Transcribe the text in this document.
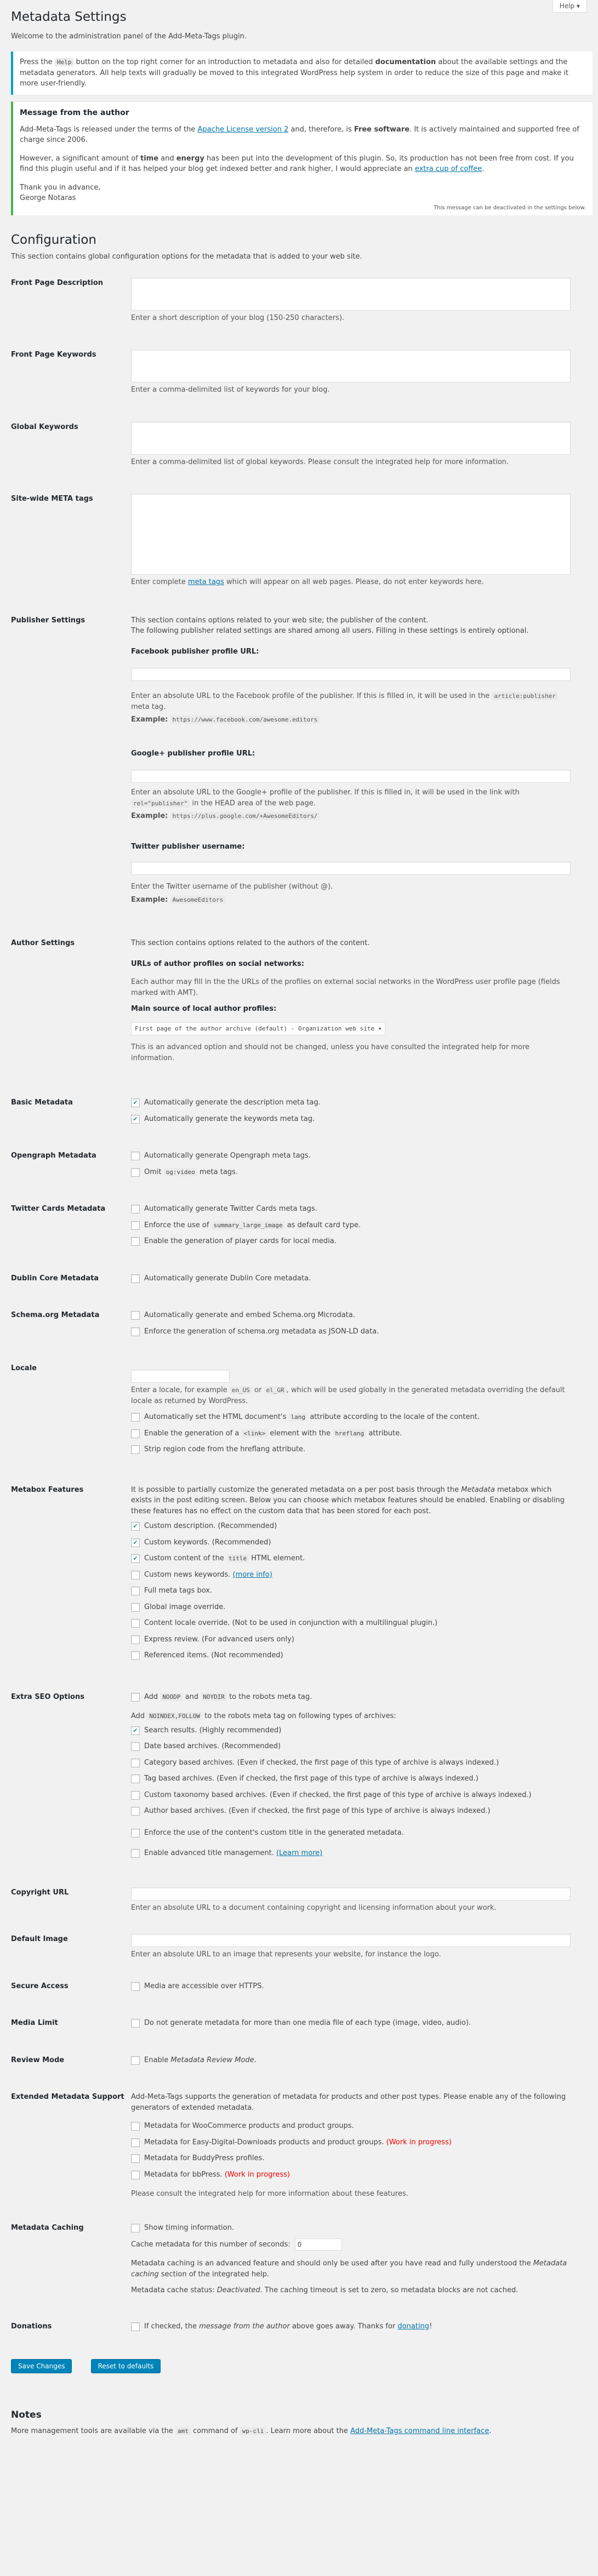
Help ▾
Metadata Settings

Welcome to the administration panel of the Add-Meta-Tags plugin.

Press the Help button on the top right corner for an introduction to metadata and also for detailed documentation about the available settings and the metadata generators. All help texts will gradually be moved to this integrated WordPress help system in order to reduce the size of this page and make it more user-friendly.

Message from the author

Add-Meta-Tags is released under the terms of the Apache License version 2 and, therefore, is Free software. It is actively maintained and supported free of charge since 2006.

However, a significant amount of time and energy has been put into the development of this plugin. So, its production has not been free from cost. If you find this plugin useful and if it has helped your blog get indexed better and rank higher, I would appreciate an extra cup of coffee.

Thank you in advance,
George Notaras

This message can be deactivated in the settings below.

Configuration

This section contains global configuration options for the metadata that is added to your web site.

Front Page Description

Enter a short description of your blog (150-250 characters).

Front Page Keywords

Enter a comma-delimited list of keywords for your blog.

Global Keywords

Enter a comma-delimited list of global keywords. Please consult the integrated help for more information.

Site-wide META tags

Enter complete meta tags which will appear on all web pages. Please, do not enter keywords here.

Publisher Settings	This section contains options related to your web site; the publisher of the content.

The following publisher related settings are shared among all users. Filling in these settings is entirely optional.

Facebook publisher profile URL:

Enter an absolute URL to the Facebook profile of the publisher. If this is filled in, it will be used in the article:publisher meta tag.

Example: https://www.facebook.com/awesome.editors

Google+ publisher profile URL:

Enter an absolute URL to the Google+ profile of the publisher. If this is filled in, it will be used in the link with rel="publisher" in the HEAD area of the web page.

Example: https://plus.google.com/+AwesomeEditors/

Twitter publisher username:

Enter the Twitter username of the publisher (without @).

Example: AwesomeEditors

Author Settings	This section contains options related to the authors of the content.

URLs of author profiles on social networks:

Each author may fill in the the URLs of the profiles on external social networks in the WordPress user profile page (fields marked with AMT).

Main source of local author profiles:

First page of the author archive (default) - Organization web site ▾

This is an advanced option and should not be changed, unless you have consulted the integrated help for more information.

Basic Metadata	✔ Automatically generate the description meta tag.
✔ Automatically generate the keywords meta tag.
Opengraph Metadata	Automatically generate Opengraph meta tags.
Omit og:video meta tags.
Twitter Cards Metadata	Automatically generate Twitter Cards meta tags.
Enforce the use of summary_large_image as default card type.
Enable the generation of player cards for local media.
Dublin Core Metadata	Automatically generate Dublin Core metadata.
Schema.org Metadata	Automatically generate and embed Schema.org Microdata.
Enforce the generation of schema.org metadata as JSON-LD data.
Locale

Enter a locale, for example en_US or el_GR , which will be used globally in the generated metadata overriding the default locale as returned by WordPress.

Automatically set the HTML document's lang attribute according to the locale of the content.
Enable the generation of a <link> element with the hreflang attribute.
Strip region code from the hreflang attribute.
Metabox Features	It is possible to partially customize the generated metadata on a per post basis through the Metadata metabox which exists in the post editing screen. Below you can choose which metabox features should be enabled. Enabling or disabling these features has no effect on the custom data that has been stored for each post.

✔ Custom description. (Recommended)
✔ Custom keywords. (Recommended)
✔ Custom content of the title HTML element.
Custom news keywords. (more info)
Full meta tags box.
Global image override.
Content locale override. (Not to be used in conjunction with a multilingual plugin.)
Express review. (For advanced users only)
Referenced items. (Not recommended)
Extra SEO Options	Add NOODP and NOYDIR to the robots meta tag.

Add NOINDEX,FOLLOW to the robots meta tag on following types of archives:

✔ Search results. (Highly recommended)
Date based archives. (Recommended)
Category based archives. (Even if checked, the first page of this type of archive is always indexed.)
Tag based archives. (Even if checked, the first page of this type of archive is always indexed.)
Custom taxonomy based archives. (Even if checked, the first page of this type of archive is always indexed.)
Author based archives. (Even if checked, the first page of this type of archive is always indexed.)
Enforce the use of the content's custom title in the generated metadata.
Enable advanced title management. (Learn more)
Copyright URL

Enter an absolute URL to a document containing copyright and licensing information about your work.

Default Image

Enter an absolute URL to an image that represents your website, for instance the logo.

Secure Access	Media are accessible over HTTPS.
Media Limit	Do not generate metadata for more than one media file of each type (image, video, audio).
Review Mode	Enable Metadata Review Mode.
Extended Metadata Support Add-Meta-Tags supports the generation of metadata for products and other post types. Please enable any of the following generators of extended metadata.

Metadata for WooCommerce products and product groups.
Metadata for Easy-Digital-Downloads products and product groups. (Work in progress)
Metadata for BuddyPress profiles.
Metadata for bbPress. (Work in progress)

Please consult the integrated help for more information about these features.

Metadata Caching	Show timing information.

Cache metadata for this number of seconds: 0

Metadata caching is an advanced feature and should only be used after you have read and fully understood the Metadata caching section of the integrated help.

Metadata cache status: Deactivated. The caching timeout is set to zero, so metadata blocks are not cached.

Donations	If checked, the message from the author above goes away. Thanks for donating!
Save Changes	Reset to defaults
Notes

More management tools are available via the amt command of wp-cli . Learn more about the Add-Meta-Tags command line interface.
